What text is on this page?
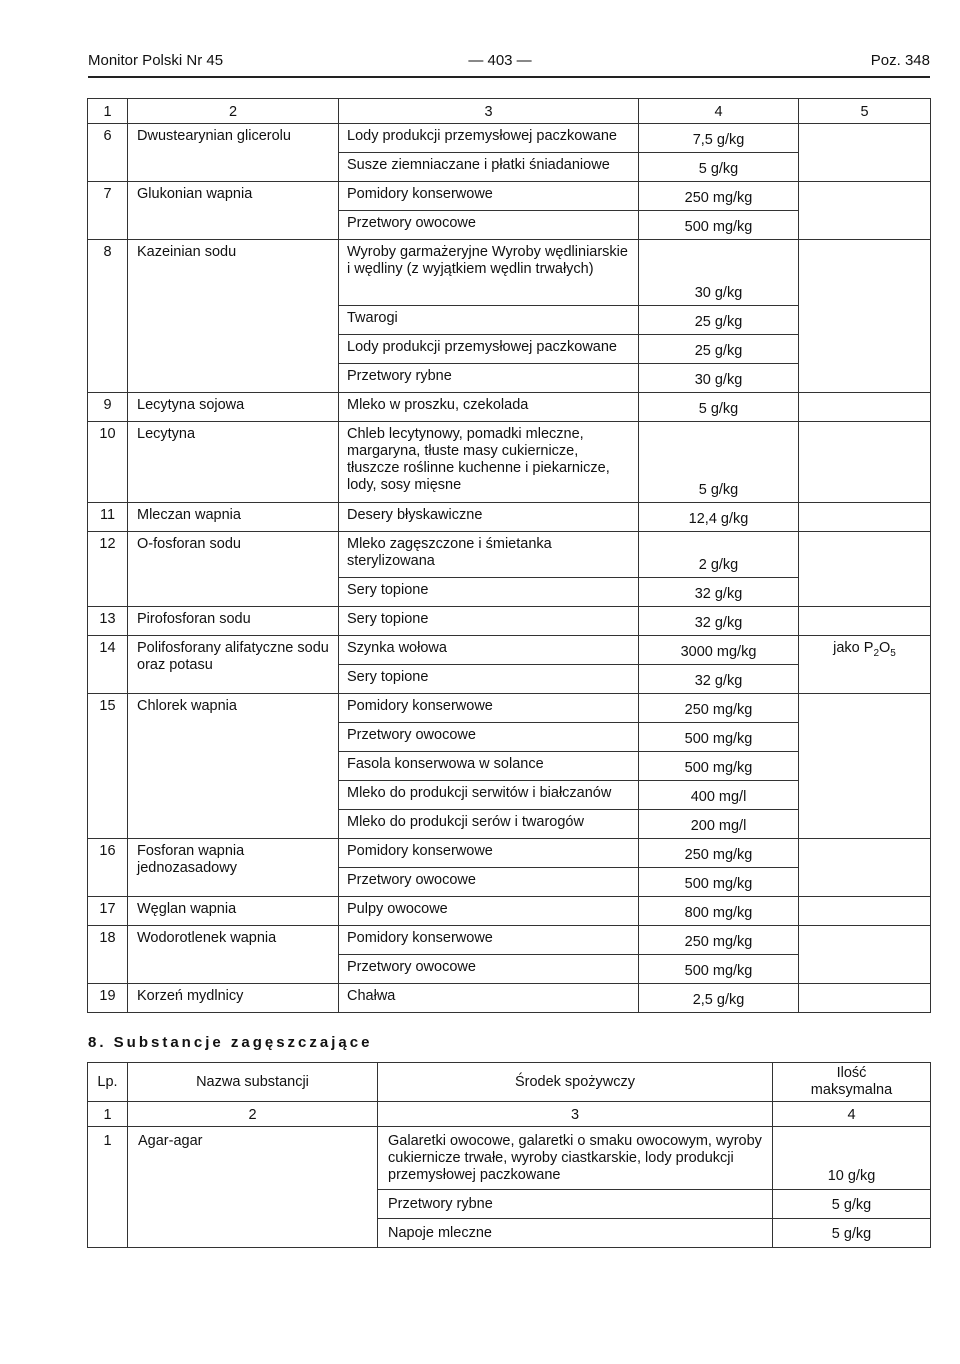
Monitor Polski Nr 45	— 403 —	Poz. 348
1	2	3	4	5
6	Dwustearynian glicerolu	Lody produkcji przemysłowej paczkowane	7,5 g/kg	
		Susze ziemniaczane i płatki śniadaniowe	5 g/kg	
7	Glukonian wapnia	Pomidory konserwowe	250 mg/kg	
		Przetwory owocowe	500 mg/kg	
8	Kazeinian sodu	Wyroby garmażeryjne Wyroby wędliniarskie i wędliny (z wyjątkiem wędlin trwałych)	30 g/kg	
		Twarogi	25 g/kg	
		Lody produkcji przemysłowej paczkowane	25 g/kg	
		Przetwory rybne	30 g/kg	
9	Lecytyna sojowa	Mleko w proszku, czekolada	5 g/kg	
10	Lecytyna	Chleb lecytynowy, pomadki mleczne, margaryna, tłuste masy cukiernicze, tłuszcze roślinne kuchenne i piekarnicze, lody, sosy mięsne	5 g/kg	
11	Mleczan wapnia	Desery błyskawiczne	12,4 g/kg	
12	O-fosforan sodu	Mleko zagęszczone i śmietanka sterylizowana	2 g/kg	
		Sery topione	32 g/kg	
13	Pirofosforan sodu	Sery topione	32 g/kg	
14	Polifosforany alifatyczne sodu oraz potasu	Szynka wołowa	3000 mg/kg	jako $P_2O_5$
		Sery topione	32 g/kg	
15	Chlorek wapnia	Pomidory konserwowe	250 mg/kg	
		Przetwory owocowe	500 mg/kg	
		Fasola konserwowa w solance	500 mg/kg	
		Mleko do produkcji serwitów i białczanów	400 mg/l	
		Mleko do produkcji serów i twarogów	200 mg/l	
16	Fosforan wapnia jednozasadowy	Pomidory konserwowe	250 mg/kg	
		Przetwory owocowe	500 mg/kg	
17	Węglan wapnia	Pulpy owocowe	800 mg/kg	
18	Wodorotlenek wapnia	Pomidory konserwowe	250 mg/kg	
		Przetwory owocowe	500 mg/kg	
19	Korzeń mydlnicy	Chałwa	2,5 g/kg	
8. Substancje zagęszczające
Lp.	Nazwa substancji	Środek spożywczy	Ilość
maksymalna

1	2	3	4
1	Agar-agar	Galaretki owocowe, galaretki o smaku owocowym, wyroby cukiernicze trwałe, wyroby ciastkarskie, lody produkcji przemysłowej paczkowane	10 g/kg
		Przetwory rybne	5 g/kg
		Napoje mleczne	5 g/kg
